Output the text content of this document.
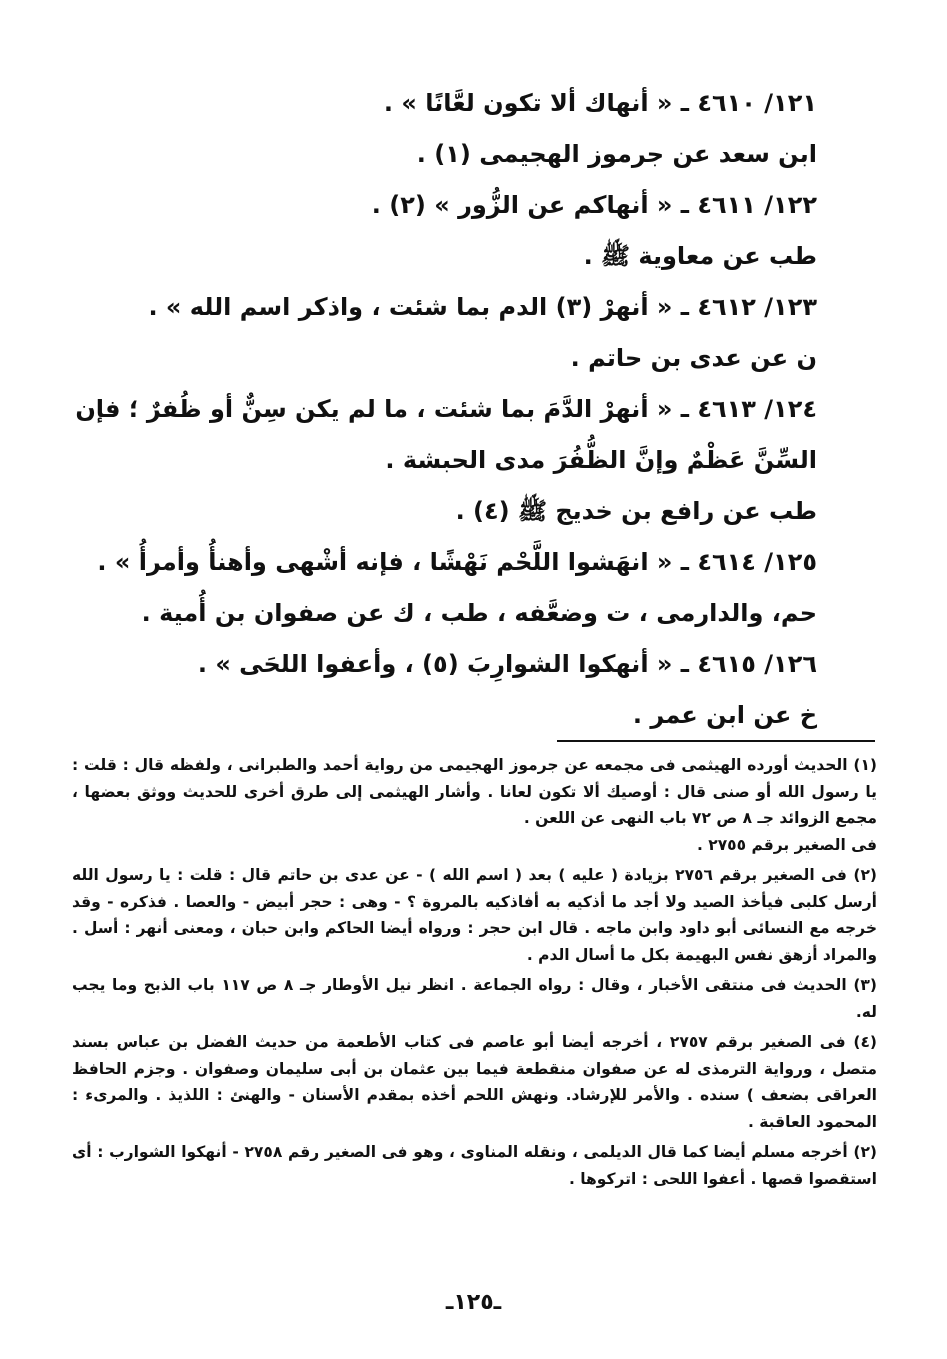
١٢١/ ٤٦١٠ ـ « أنهاك ألا تكون لعَّانًا » .
ابن سعد عن جرموز الهجيمى (١) .
١٢٢/ ٤٦١١ ـ « أنهاكم عن الزُّور » (٢) .
طب عن معاوية ﷺ .
١٢٣/ ٤٦١٢ ـ « أنهرْ (٣) الدم بما شئت ، واذكر اسم الله » .
ن عن عدى بن حاتم .
١٢٤/ ٤٦١٣ ـ « أنهرْ الدَّمَ بما شئت ، ما لم يكن سِنٌّ أو ظُفرٌ ؛ فإن السِّنَّ عَظْمٌ وإنَّ الظُّفُرَ مدى الحبشة .
طب عن رافع بن خديج ﷺ (٤) .
١٢٥/ ٤٦١٤ ـ « انهَشوا اللَّحْم نَهْشًا ، فإنه أشْهى وأهنأُ وأمرأُ » .
حم، والدارمى ، ت وضعَّفه ، طب ، ك عن صفوان بن أُمية .
١٢٦/ ٤٦١٥ ـ « أنهكوا الشوارِبَ (٥) ، وأعفوا اللحَى » .
خ عن ابن عمر .
(١) الحديث أورده الهيثمى فى مجمعه عن جرموز الهجيمى من رواية أحمد والطبرانى ، ولفظه قال : قلت : يا رسول الله أو صنى قال : أوصيك ألا تكون لعانا . وأشار الهيثمى إلى طرق أخرى للحديث ووثق بعضها ، مجمع الزوائد جـ ٨ ص ٧٢ باب النهى عن اللعن .
فى الصغير برقم ٢٧٥٥ .
(٢) فى الصغير برقم ٢٧٥٦ بزيادة ( عليه ) بعد ( اسم الله ) - عن عدى بن حاتم قال : قلت : يا رسول الله أرسل كلبى فيأخذ الصيد ولا أجد ما أذكيه به أفاذكيه بالمروة ؟ - وهى : حجر أبيض - والعصا . فذكره - وقد خرجه مع النسائى أبو داود وابن ماجه . قال ابن حجر : ورواه أيضا الحاكم وابن حبان ، ومعنى أنهر : أسل . والمراد أزهق نفس البهيمة بكل ما أسال الدم .
(٣) الحديث فى منتقى الأخبار ، وقال : رواه الجماعة . انظر نيل الأوطار جـ ٨ ص ١١٧ باب الذبح وما يجب له.
(٤) فى الصغير برقم ٢٧٥٧ ، أخرجه أيضا أبو عاصم فى كتاب الأطعمة من حديث الفضل بن عباس بسند متصل ، ورواية الترمذى له عن صفوان منقطعة فيما بين عثمان بن أبى سليمان وصفوان . وجزم الحافظ العراقى بضعف ) سنده . والأمر للإرشاد. ونهش اللحم أخذه بمقدم الأسنان - والهنئ : اللذيذ . والمرىء : المحمود العاقبة .
(٢) أخرجه مسلم أيضا كما قال الديلمى ، ونقله المناوى ، وهو فى الصغير رقم ٢٧٥٨ - أنهكوا الشوارب : أى استقصوا قصها . أعفوا اللحى : اتركوها .
ـ١٢٥ـ
